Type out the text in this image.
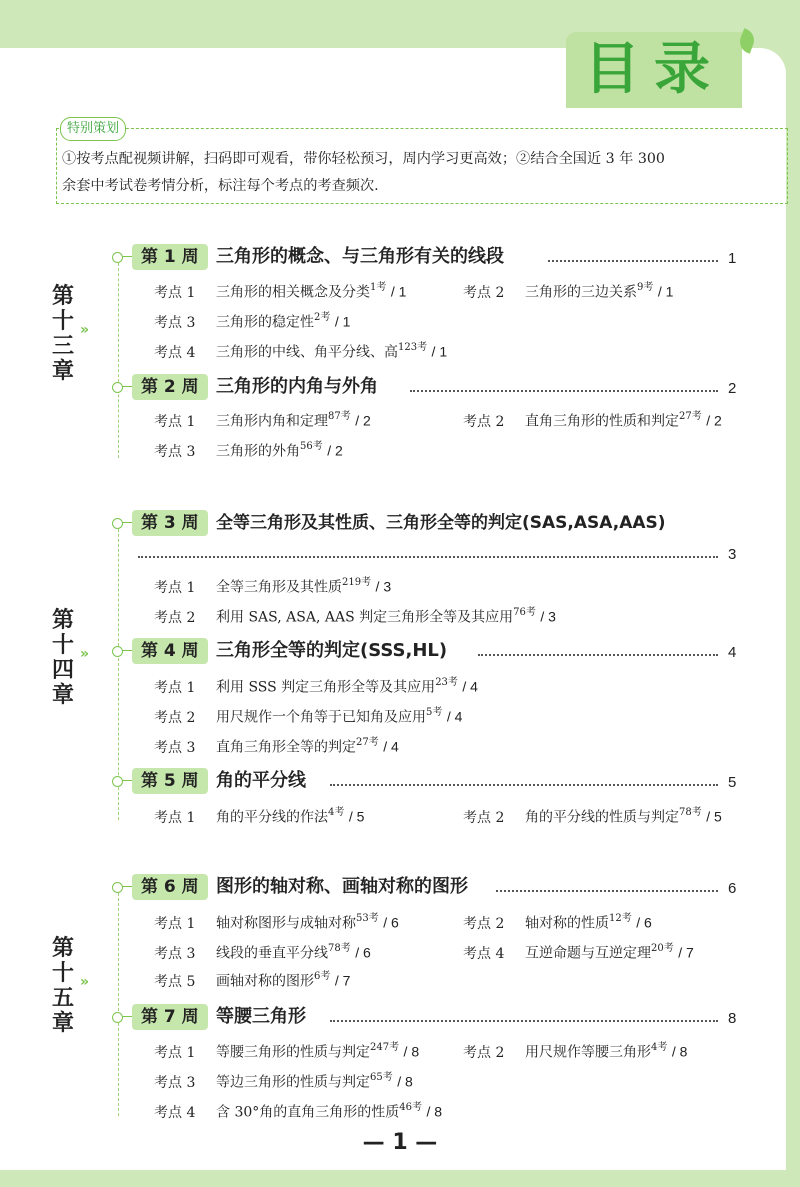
目录
特别策划
①按考点配视频讲解，扫码即可观看，带你轻松预习，周内学习更高效；②结合全国近 3 年 300
余套中考试卷考情分析，标注每个考点的考查频次.
第十三章
»
第十四章
»
第十五章
»
第 1 周 三角形的概念、与三角形有关的线段	1
考点 1 三角形的相关概念及分类$^{1考}$ / 1	考点 2 三角形的三边关系$^{9考}$ / 1
考点 3 三角形的稳定性$^{2考}$ / 1
考点 4 三角形的中线、角平分线、高$^{123考}$ / 1
第 2 周 三角形的内角与外角	2
考点 1 三角形内角和定理$^{87考}$ / 2	考点 2 直角三角形的性质和判定$^{27考}$ / 2
考点 3 三角形的外角$^{56考}$ / 2
第 3 周	全等三角形及其性质、三角形全等的判定(SAS,ASA,AAS)
3
考点 1 全等三角形及其性质$^{219考}$ / 3
考点 2 利用 SAS, ASA, AAS 判定三角形全等及其应用$^{76考}$ / 3
第 4 周 三角形全等的判定(SSS,HL)	4
考点 1 利用 SSS 判定三角形全等及其应用$^{23考}$ / 4
考点 2 用尺规作一个角等于已知角及应用$^{5考}$ / 4
考点 3 直角三角形全等的判定$^{27考}$ / 4
第 5 周 角的平分线	5
考点 1 角的平分线的作法$^{4考}$ / 5	考点 2 角的平分线的性质与判定$^{78考}$ / 5
第 6 周 图形的轴对称、画轴对称的图形	6
考点 1 轴对称图形与成轴对称$^{53考}$ / 6	考点 2 轴对称的性质$^{12考}$ / 6
考点 3 线段的垂直平分线$^{78考}$ / 6	考点 4 互逆命题与互逆定理$^{20考}$ / 7
考点 5 画轴对称的图形$^{6考}$ / 7
第 7 周 等腰三角形	8
考点 1 等腰三角形的性质与判定$^{247考}$ / 8	考点 2 用尺规作等腰三角形$^{4考}$ / 8
考点 3 等边三角形的性质与判定$^{65考}$ / 8
考点 4 含 30°角的直角三角形的性质$^{46考}$ / 8
— 1 —
